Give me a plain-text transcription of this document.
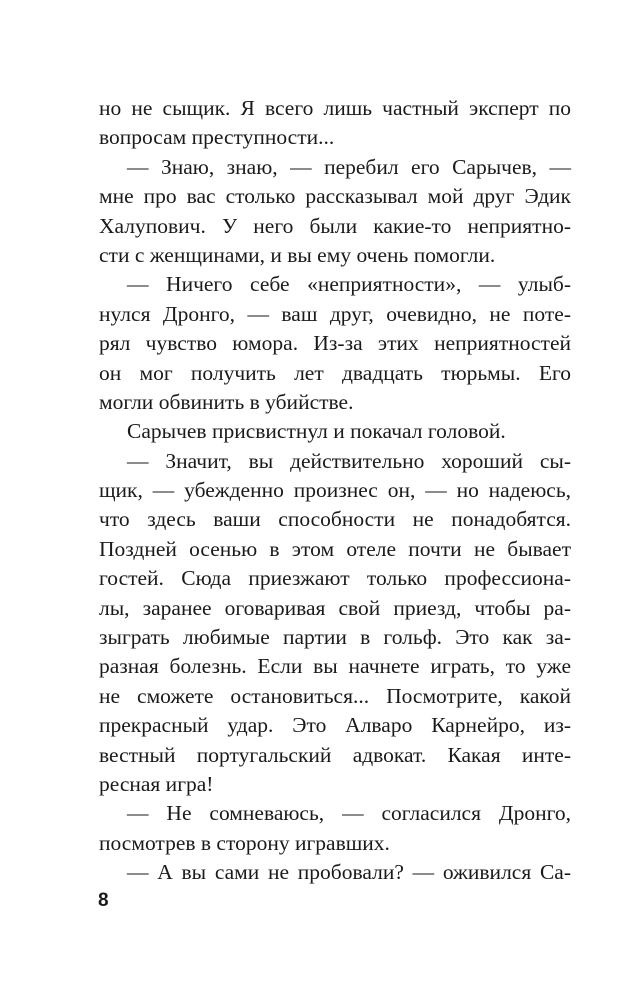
но не сыщик. Я всего лишь частный эксперт по
вопросам преступности...
— Знаю, знаю, — перебил его Сарычев, —
мне про вас столько рассказывал мой друг Эдик
Халупович. У него были какие-то неприятно-
сти с женщинами, и вы ему очень помогли.
— Ничего себе «неприятности», — улыб-
нулся Дронго, — ваш друг, очевидно, не поте-
рял чувство юмора. Из-за этих неприятностей
он мог получить лет двадцать тюрьмы. Его
могли обвинить в убийстве.
Сарычев присвистнул и покачал головой.
— Значит, вы действительно хороший сы-
щик, — убежденно произнес он, — но надеюсь,
что здесь ваши способности не понадобятся.
Поздней осенью в этом отеле почти не бывает
гостей. Сюда приезжают только профессиона-
лы, заранее оговаривая свой приезд, чтобы ра-
зыграть любимые партии в гольф. Это как за-
разная болезнь. Если вы начнете играть, то уже
не сможете остановиться... Посмотрите, какой
прекрасный удар. Это Алваро Карнейро, из-
вестный португальский адвокат. Какая инте-
ресная игра!
— Не сомневаюсь, — согласился Дронго,
посмотрев в сторону игравших.
— А вы сами не пробовали? — оживился Са-
8
